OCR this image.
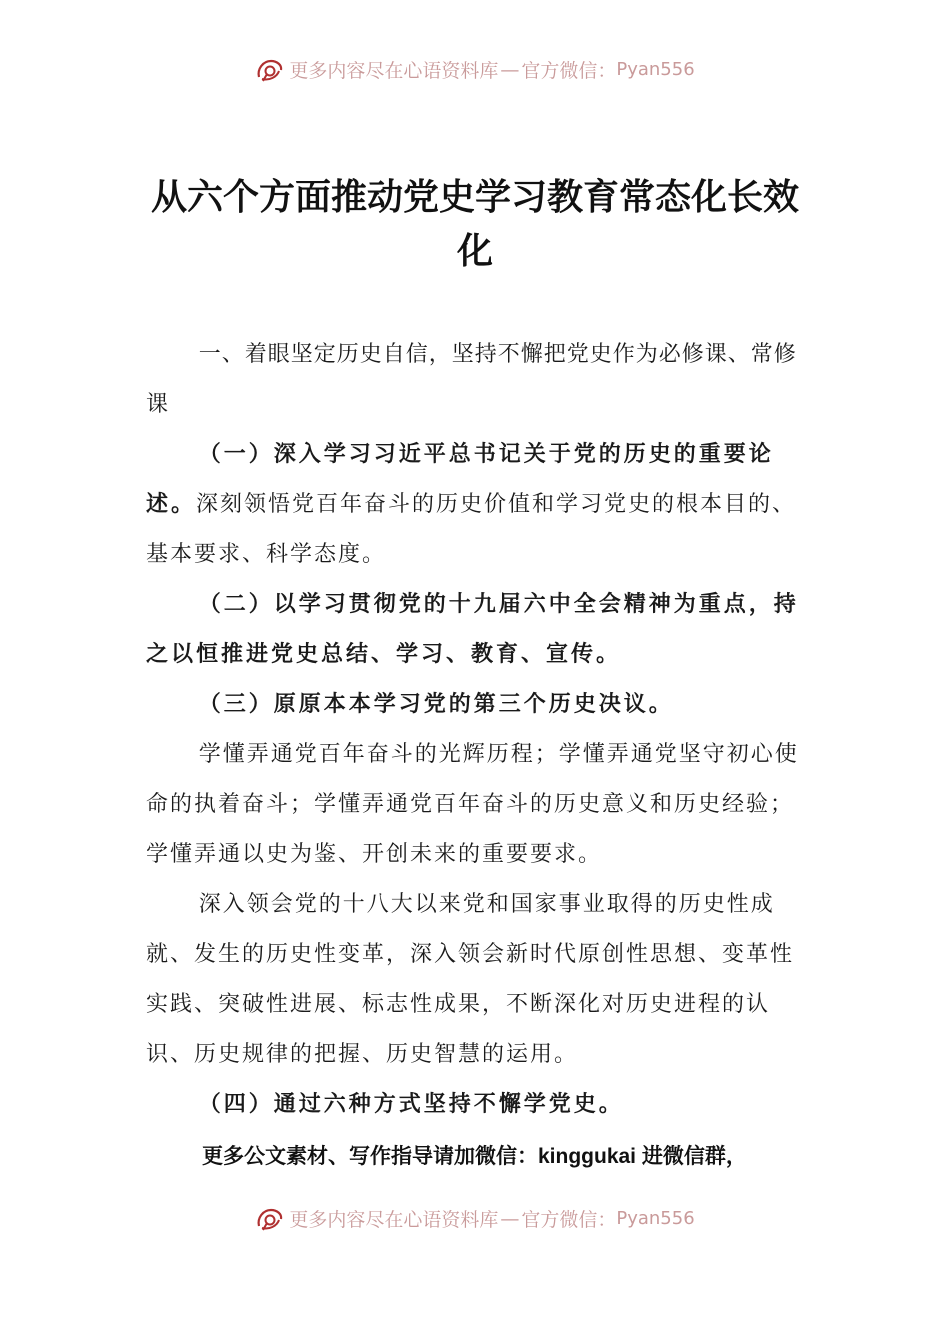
更多内容尽在心语资料库 — 官方微信： Pyan556
从六个方面推动党史学习教育常态化长效化

一、着眼坚定历史自信，坚持不懈把党史作为必修课、常修课

（一）深入学习习近平总书记关于党的历史的重要论述。深刻领悟党百年奋斗的历史价值和学习党史的根本目的、基本要求、科学态度。

（二）以学习贯彻党的十九届六中全会精神为重点，持之以恒推进党史总结、学习、教育、宣传。

（三）原原本本学习党的第三个历史决议。

学懂弄通党百年奋斗的光辉历程；学懂弄通党坚守初心使命的执着奋斗；学懂弄通党百年奋斗的历史意义和历史经验；学懂弄通以史为鉴、开创未来的重要要求。

深入领会党的十八大以来党和国家事业取得的历史性成就、发生的历史性变革，深入领会新时代原创性思想、变革性实践、突破性进展、标志性成果，不断深化对历史进程的认识、历史规律的把握、历史智慧的运用。

（四）通过六种方式坚持不懈学党史。

更多公文素材、写作指导请加微信：kinggukai 进微信群，
更多内容尽在心语资料库 — 官方微信： Pyan556
